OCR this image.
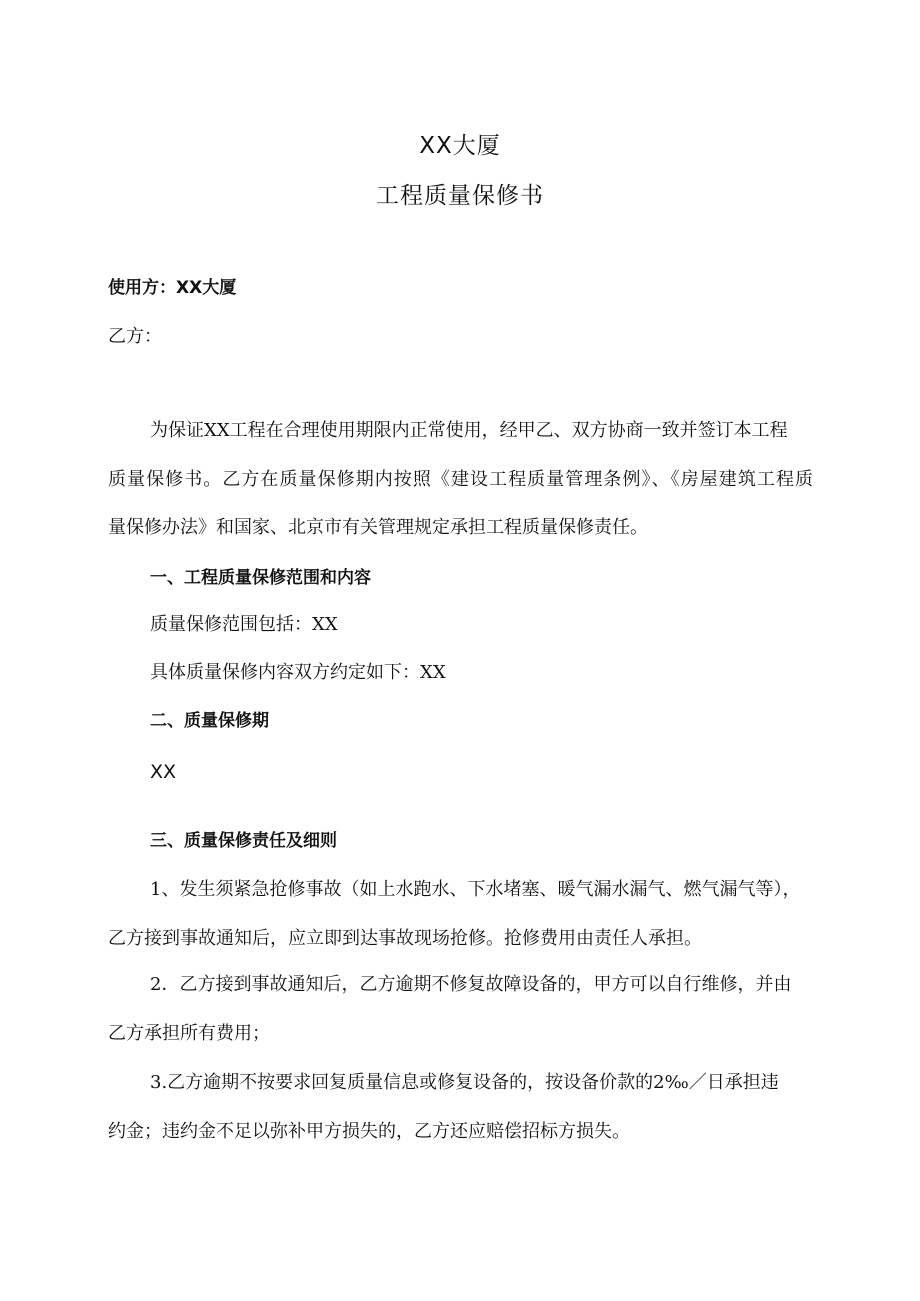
XX大厦
工程质量保修书
使用方：XX大厦
乙方：
为保证XX工程在合理使用期限内正常使用，经甲乙、双方协商一致并签订本工程
质量保修书。乙方在质量保修期内按照《建设工程质量管理条例》、《房屋建筑工程质
量保修办法》和国家、北京市有关管理规定承担工程质量保修责任。
一、工程质量保修范围和内容
质量保修范围包括：XX
具体质量保修内容双方约定如下：XX
二、质量保修期
XX
三、质量保修责任及细则
1、发生须紧急抢修事故（如上水跑水、下水堵塞、暖气漏水漏气、燃气漏气等），
乙方接到事故通知后，应立即到达事故现场抢修。抢修费用由责任人承担。
2．乙方接到事故通知后，乙方逾期不修复故障设备的，甲方可以自行维修，并由
乙方承担所有费用；
3.乙方逾期不按要求回复质量信息或修复设备的，按设备价款的2‰／日承担违
约金；违约金不足以弥补甲方损失的，乙方还应赔偿招标方损失。
